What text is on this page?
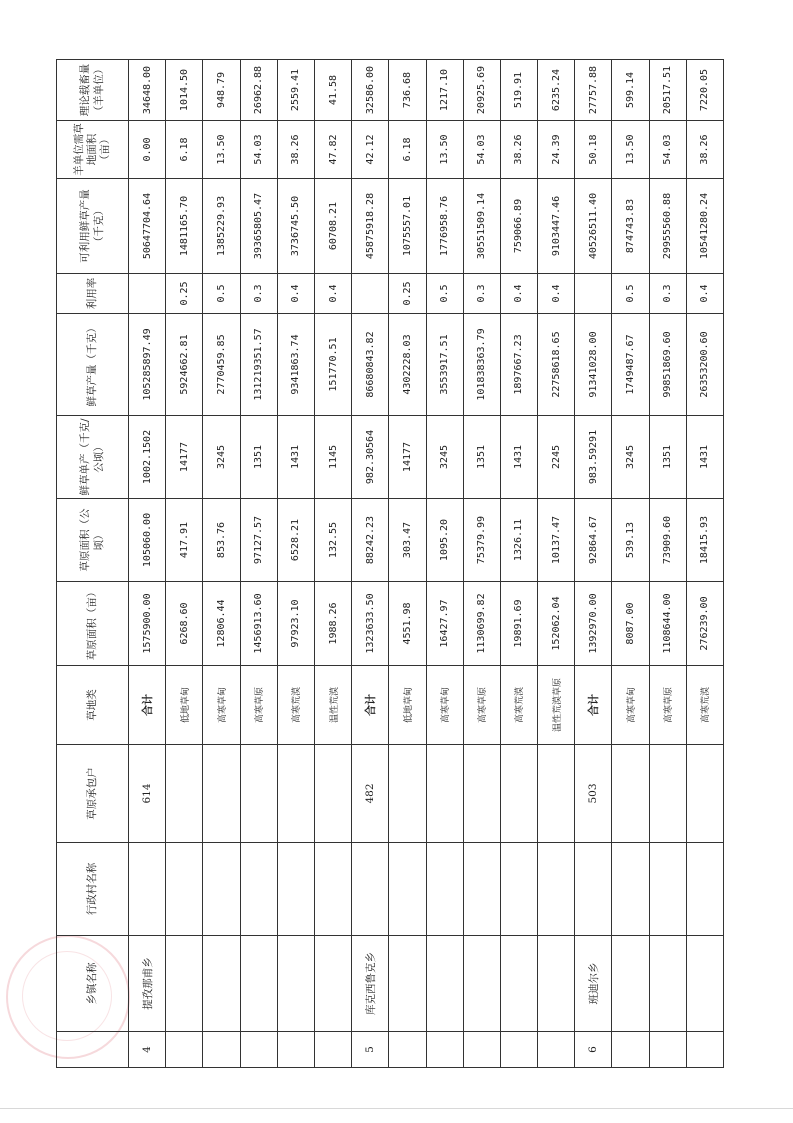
	乡镇名称	行政村名称	草原承包户	草地类	草原面积（亩）	草原面积（公顷）	鲜草单产（千克/公顷）	鲜草产量（千克）	利用率	可利用鲜草产量（千克）	羊单位需草地面积（亩）	理论载畜量（羊单位）
4	提孜那甫乡		614	合计	1575900.00	105060.00	1002.1502	105285897.49		50647704.64	0.00	34648.00
				低地草甸	6268.60	417.91	14177	5924662.81	0.25	1481165.70	6.18	1014.50
				高寒草甸	12806.44	853.76	3245	2770459.85	0.5	1385229.93	13.50	948.79
				高寒草原	1456913.60	97127.57	1351	131219351.57	0.3	39365805.47	54.03	26962.88
				高寒荒漠	97923.10	6528.21	1431	9341863.74	0.4	3736745.50	38.26	2559.41
				温性荒漠	1988.26	132.55	1145	151770.51	0.4	60708.21	47.82	41.58
5	库克西鲁克乡		482	合计	1323633.50	88242.23	982.30564	86680843.82		45875918.28	42.12	32586.00
				低地草甸	4551.98	303.47	14177	4302228.03	0.25	1075557.01	6.18	736.68
				高寒草甸	16427.97	1095.20	3245	3553917.51	0.5	1776958.76	13.50	1217.10
				高寒草原	1130699.82	75379.99	1351	101838363.79	0.3	30551509.14	54.03	20925.69
				高寒荒漠	19891.69	1326.11	1431	1897667.23	0.4	759066.89	38.26	519.91
				温性荒漠草原	152062.04	10137.47	2245	22758618.65	0.4	9103447.46	24.39	6235.24
6	班迪尔乡		503	合计	1392970.00	92864.67	983.59291	91341028.00		40526511.40	50.18	27757.88
				高寒草甸	8087.00	539.13	3245	1749487.67	0.5	874743.83	13.50	599.14
				高寒草原	1108644.00	73909.60	1351	99851869.60	0.3	29955560.88	54.03	20517.51
				高寒荒漠	276239.00	18415.93	1431	26353200.60	0.4	10541280.24	38.26	7220.05
